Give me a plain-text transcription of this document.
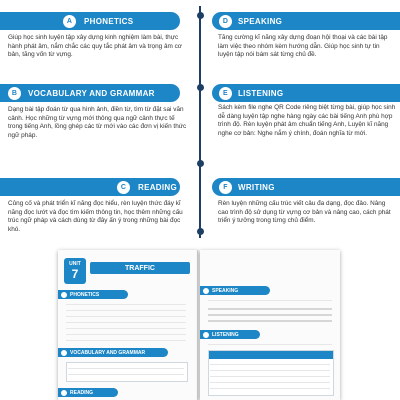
A	PHONETICS
Giúp học sinh luyện tập xây dựng kinh nghiệm làm bài, thực hành phát âm, nắm chắc các quy tắc phát âm và trọng âm cơ bản, tăng vốn từ vựng.
D	SPEAKING
Tăng cường kĩ năng xây dựng đoạn hội thoại và các bài tập làm việc theo nhóm kèm hướng dẫn. Giúp học sinh tự tin luyện tập nói bám sát từng chủ đề.
B	VOCABULARY AND GRAMMAR
Dạng bài tập đoán từ qua hình ảnh, điền từ, tìm từ đặt sai văn cảnh. Học những từ vựng mới thông qua ngữ cảnh thực tế trong tiếng Anh, lồng ghép các từ mới vào các đơn vị kiến thức ngữ pháp.
E	LISTENING
Sách kèm file nghe QR Code riêng biệt từng bài, giúp học sinh dễ dàng luyện tập nghe hàng ngày các bài tiếng Anh phù hợp trình độ. Rèn luyện phát âm chuẩn tiếng Anh, Luyện kĩ năng nghe cơ bản: Nghe nắm ý chính, đoán nghĩa từ mới.
C	READING
Củng cố và phát triển kĩ năng đọc hiểu, rèn luyện thức đáy kĩ năng đọc lướt và đọc tìm kiếm thông tin, học thêm những cấu trúc ngữ pháp và cách dùng từ đây ấn ý trong những bài đọc khó.
F	WRITING
Rèn luyện những cấu trúc viết câu đa dạng, đọc đảo. Nâng cao trình độ sử dụng từ vựng cơ bản và nâng cao, cách phát triển ý tưởng trong từng chủ điểm.
UNIT
7	TRAFFIC
PHONETICS
VOCABULARY AND GRAMMAR
READING
SPEAKING
LISTENING
